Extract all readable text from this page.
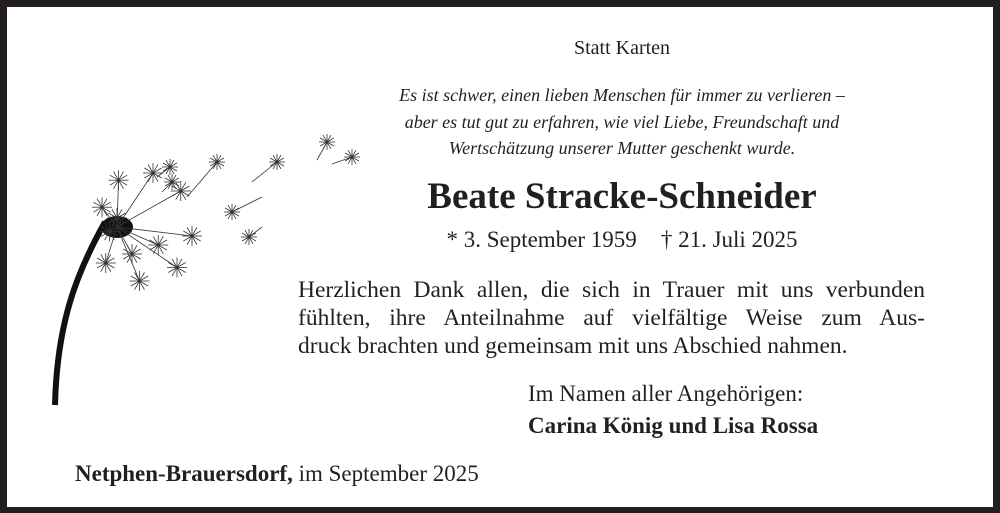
Statt Karten
Es ist schwer, einen lieben Menschen für immer zu verlieren –
aber es tut gut zu erfahren, wie viel Liebe, Freundschaft und
Wertschätzung unserer Mutter geschenkt wurde.
Beate Stracke-Schneider
* 3. September 1959 † 21. Juli 2025
Herzlichen Dank allen, die sich in Trauer mit uns verbunden
fühlten, ihre Anteilnahme auf vielfältige Weise zum Aus-
druck brachten und gemeinsam mit uns Abschied nahmen.
Im Namen aller Angehörigen:
Carina König und Lisa Rossa
Netphen-Brauersdorf, im September 2025
